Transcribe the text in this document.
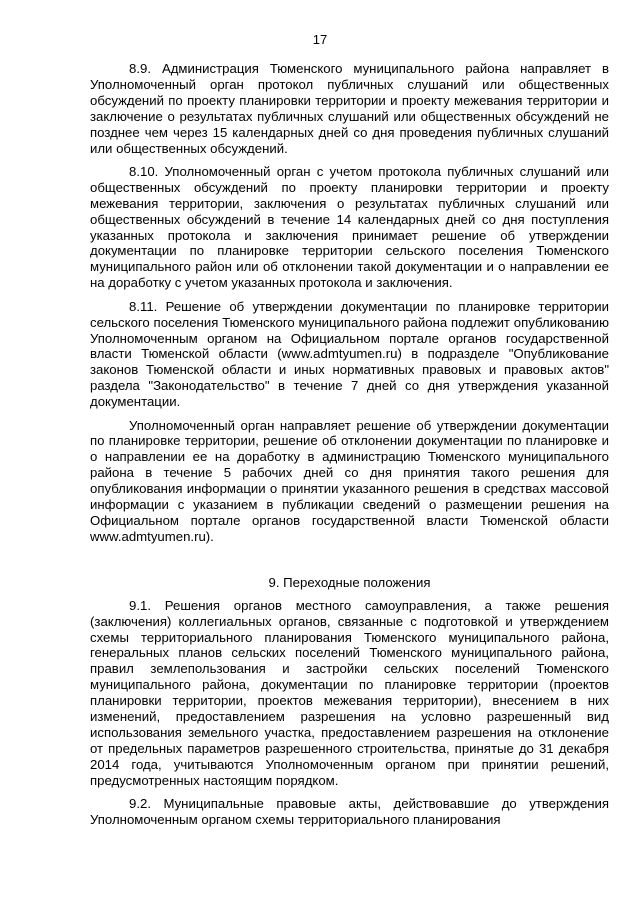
17

8.9. Администрация Тюменского муниципального района направляет в Уполномоченный орган протокол публичных слушаний или общественных обсуждений по проекту планировки территории и проекту межевания территории и заключение о результатах публичных слушаний или общественных обсуждений не позднее чем через 15 календарных дней со дня проведения публичных слушаний или общественных обсуждений.

8.10. Уполномоченный орган с учетом протокола публичных слушаний или общественных обсуждений по проекту планировки территории и проекту межевания территории, заключения о результатах публичных слушаний или общественных обсуждений в течение 14 календарных дней со дня поступления указанных протокола и заключения принимает решение об утверждении документации по планировке территории сельского поселения Тюменского муниципального район или об отклонении такой документации и о направлении ее на доработку с учетом указанных протокола и заключения.

8.11. Решение об утверждении документации по планировке территории сельского поселения Тюменского муниципального района подлежит опубликованию Уполномоченным органом на Официальном портале органов государственной власти Тюменской области (www.admtyumen.ru) в подразделе "Опубликование законов Тюменской области и иных нормативных правовых и правовых актов" раздела "Законодательство" в течение 7 дней со дня утверждения указанной документации.

Уполномоченный орган направляет решение об утверждении документации по планировке территории, решение об отклонении документации по планировке и о направлении ее на доработку в администрацию Тюменского муниципального района в течение 5 рабочих дней со дня принятия такого решения для опубликования информации о принятии указанного решения в средствах массовой информации с указанием в публикации сведений о размещении решения на Официальном портале органов государственной власти Тюменской области www.admtyumen.ru).

9. Переходные положения

9.1. Решения органов местного самоуправления, а также решения (заключения) коллегиальных органов, связанные с подготовкой и утверждением схемы территориального планирования Тюменского муниципального района, генеральных планов сельских поселений Тюменского муниципального района, правил землепользования и застройки сельских поселений Тюменского муниципального района, документации по планировке территории (проектов планировки территории, проектов межевания территории), внесением в них изменений, предоставлением разрешения на условно разрешенный вид использования земельного участка, предоставлением разрешения на отклонение от предельных параметров разрешенного строительства, принятые до 31 декабря 2014 года, учитываются Уполномоченным органом при принятии решений, предусмотренных настоящим порядком.

9.2. Муниципальные правовые акты, действовавшие до утверждения Уполномоченным органом схемы территориального планирования
